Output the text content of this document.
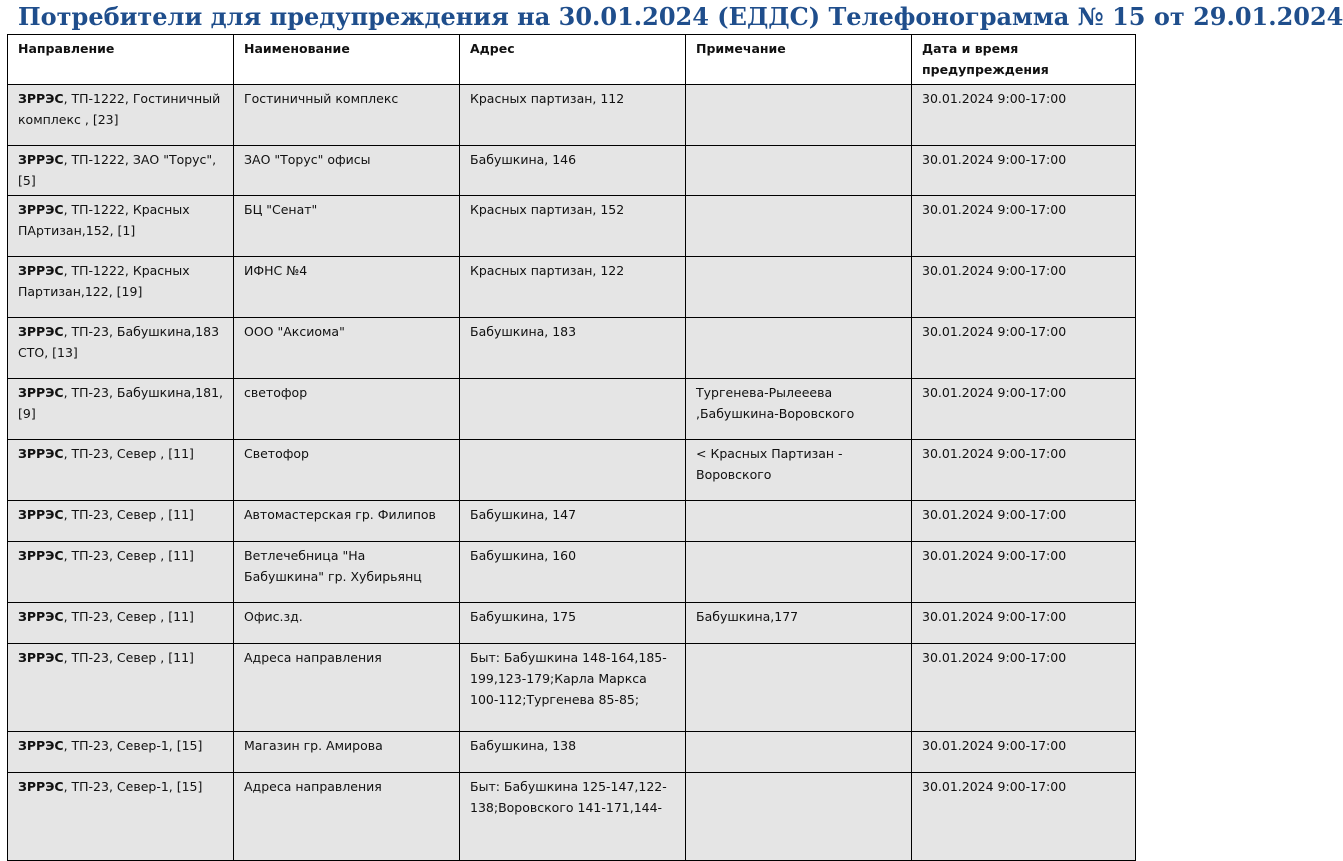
Потребители для предупреждения на 30.01.2024 (ЕДДС) Телефонограмма № 15 от 29.01.2024
Направление	Наименование	Адрес	Примечание	Дата и время предупреждения
ЗРРЭС, ТП-1222, Гостиничный комплекс , [23]	Гостиничный комплекс	Красных партизан, 112		30.01.2024 9:00-17:00
ЗРРЭС, ТП-1222, ЗАО "Торус", [5]	ЗАО "Торус" офисы	Бабушкина, 146		30.01.2024 9:00-17:00
ЗРРЭС, ТП-1222, Красных ПАртизан,152, [1]	БЦ "Сенат"	Красных партизан, 152		30.01.2024 9:00-17:00
ЗРРЭС, ТП-1222, Красных Партизан,122, [19]	ИФНС №4	Красных партизан, 122		30.01.2024 9:00-17:00
ЗРРЭС, ТП-23, Бабушкина,183 СТО, [13]	ООО "Аксиома"	Бабушкина, 183		30.01.2024 9:00-17:00
ЗРРЭС, ТП-23, Бабушкина,181, [9]	светофор		Тургенева-Рылееева ,Бабушкина-Воровского	30.01.2024 9:00-17:00
ЗРРЭС, ТП-23, Север , [11]	Светофор		< Красных Партизан - Воровского	30.01.2024 9:00-17:00
ЗРРЭС, ТП-23, Север , [11]	Автомастерская гр. Филипов	Бабушкина, 147		30.01.2024 9:00-17:00
ЗРРЭС, ТП-23, Север , [11]	Ветлечебница "На Бабушкина" гр. Хубирьянц	Бабушкина, 160		30.01.2024 9:00-17:00
ЗРРЭС, ТП-23, Север , [11]	Офис.зд.	Бабушкина, 175	Бабушкина,177	30.01.2024 9:00-17:00
ЗРРЭС, ТП-23, Север , [11]	Адреса направления	Быт: Бабушкина 148-164,185-199,123-179;Карла Маркса 100-112;Тургенева 85-85;		30.01.2024 9:00-17:00
ЗРРЭС, ТП-23, Север-1, [15]	Магазин гр. Амирова	Бабушкина, 138		30.01.2024 9:00-17:00
ЗРРЭС, ТП-23, Север-1, [15]	Адреса направления	Быт: Бабушкина 125-147,122-138;Воровского 141-171,144-		30.01.2024 9:00-17:00
